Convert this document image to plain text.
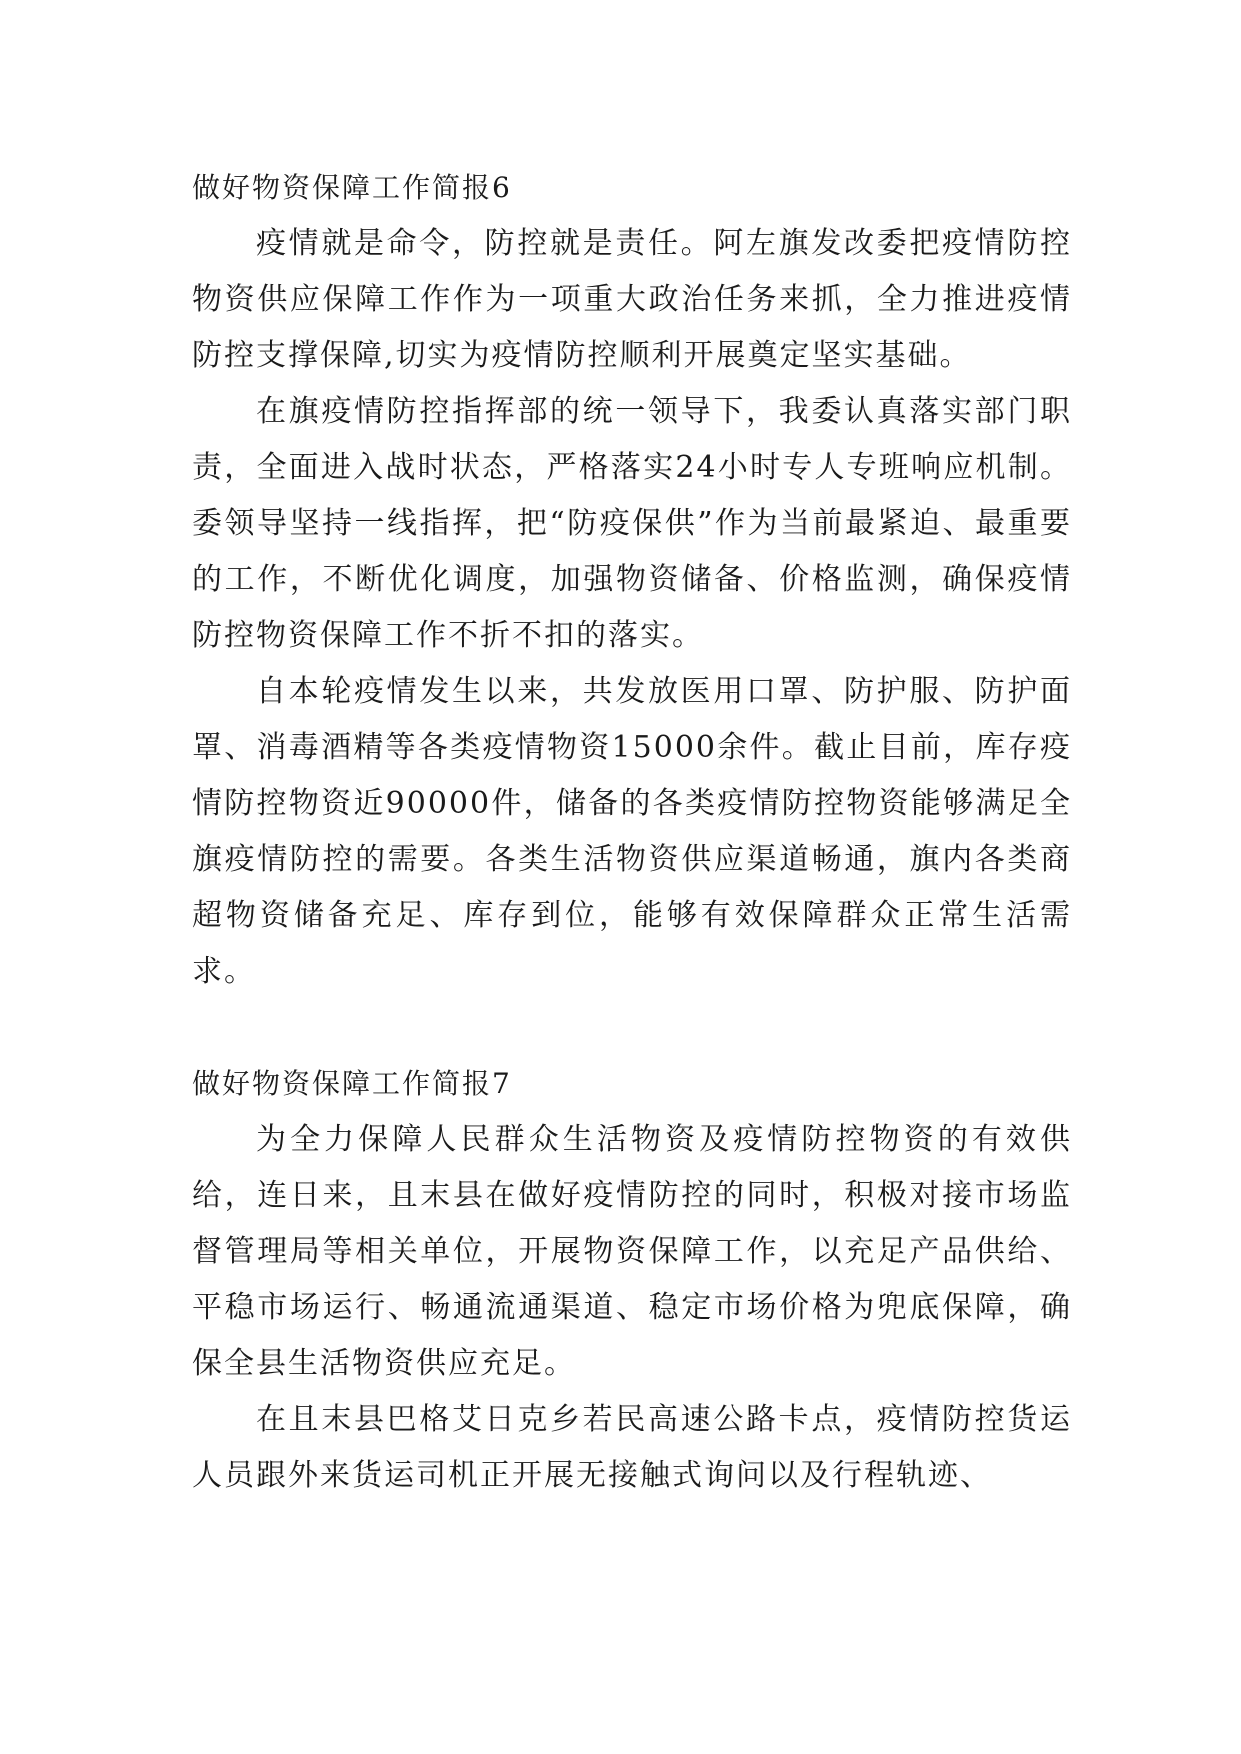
做好物资保障工作简报6

疫情就是命令，防控就是责任。阿左旗发改委把疫情防控物资供应保障工作作为一项重大政治任务来抓，全力推进疫情防控支撑保障,切实为疫情防控顺利开展奠定坚实基础。

在旗疫情防控指挥部的统一领导下，我委认真落实部门职责，全面进入战时状态，严格落实24小时专人专班响应机制。委领导坚持一线指挥，把“防疫保供”作为当前最紧迫、最重要的工作，不断优化调度，加强物资储备、价格监测，确保疫情防控物资保障工作不折不扣的落实。

自本轮疫情发生以来，共发放医用口罩、防护服、防护面罩、消毒酒精等各类疫情物资15000余件。截止目前，库存疫情防控物资近90000件，储备的各类疫情防控物资能够满足全旗疫情防控的需要。各类生活物资供应渠道畅通，旗内各类商超物资储备充足、库存到位，能够有效保障群众正常生活需求。

做好物资保障工作简报7

为全力保障人民群众生活物资及疫情防控物资的有效供给，连日来，且末县在做好疫情防控的同时，积极对接市场监督管理局等相关单位，开展物资保障工作，以充足产品供给、平稳市场运行、畅通流通渠道、稳定市场价格为兜底保障，确保全县生活物资供应充足。

在且末县巴格艾日克乡若民高速公路卡点，疫情防控货运人员跟外来货运司机正开展无接触式询问以及行程轨迹、
